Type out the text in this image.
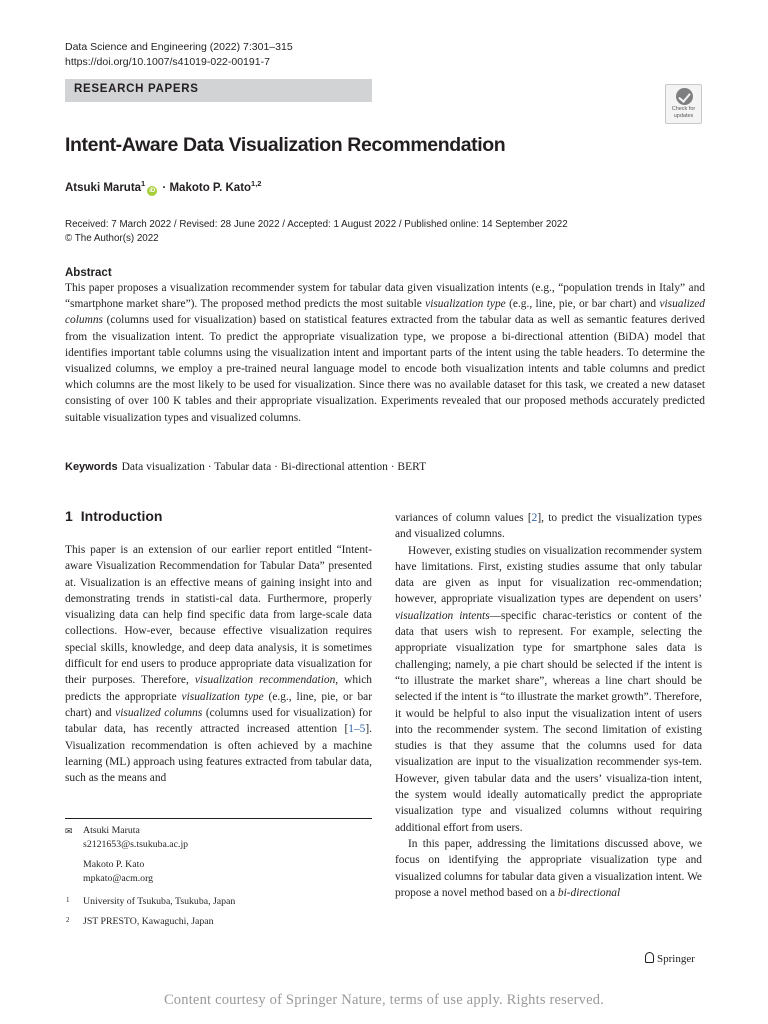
Data Science and Engineering (2022) 7:301–315
https://doi.org/10.1007/s41019-022-00191-7
RESEARCH PAPERS
Check for
updates
Intent-Aware Data Visualization Recommendation
Atsuki Maruta$^1$iD · Makoto P. Kato$^{1,2}$
Received: 7 March 2022 / Revised: 28 June 2022 / Accepted: 1 August 2022 / Published online: 14 September 2022
© The Author(s) 2022
Abstract
This paper proposes a visualization recommender system for tabular data given visualization intents (e.g., “population trends in Italy” and “smartphone market share”). The proposed method predicts the most suitable visualization type (e.g., line, pie, or bar chart) and visualized columns (columns used for visualization) based on statistical features extracted from the tabular data as well as semantic features derived from the visualization intent. To predict the appropriate visualization type, we propose a bi-directional attention (BiDA) model that identifies important table columns using the visualization intent and important parts of the intent using the table headers. To determine the visualized columns, we employ a pre-trained neural language model to encode both visualization intents and table columns and predict which columns are the most likely to be used for visualization. Since there was no available dataset for this task, we created a new dataset consisting of over 100 K tables and their appropriate visualization. Experiments revealed that our proposed methods accurately predicted suitable visualization types and visualized columns.
Keywords Data visualization · Tabular data · Bi-directional attention · BERT
1 Introduction

This paper is an extension of our earlier report entitled “Intent-aware Visualization Recommendation for Tabular Data” presented at. Visualization is an effective means of gaining insight into and demonstrating trends in statisti-cal data. Furthermore, properly visualizing data can help find specific data from large-scale data collections. How-ever, because effective visualization requires special skills, knowledge, and deep data analysis, it is sometimes difficult for end users to produce appropriate data visualization for their purposes. Therefore, visualization recommendation, which predicts the appropriate visualization type (e.g., line, pie, or bar chart) and visualized columns (columns used for visualization) for tabular data, has recently attracted increased attention [1–5]. Visualization recommendation is often achieved by a machine learning (ML) approach using features extracted from tabular data, such as the means and

variances of column values [2], to predict the visualization types and visualized columns.

However, existing studies on visualization recommender system have limitations. First, existing studies assume that only tabular data are given as input for visualization rec-ommendation; however, appropriate visualization types are dependent on users’ visualization intents—specific charac-teristics or content of the data that users wish to represent. For example, selecting the appropriate visualization type for smartphone sales data is challenging; namely, a pie chart should be selected if the intent is “to illustrate the market share”, whereas a line chart should be selected if the intent is “to illustrate the market growth”. Therefore, it would be helpful to also input the visualization intent of users into the recommender system. The second limitation of existing studies is that they assume that the columns used for data visualization are input to the visualization recommender sys-tem. However, given tabular data and the users’ visualiza-tion intent, the system would ideally automatically predict the appropriate visualization type and visualized columns without requiring additional effort from users.

In this paper, addressing the limitations discussed above, we focus on identifying the appropriate visualization type and visualized columns for tabular data given a visualization intent. We propose a novel method based on a bi-directional

✉ Atsuki Maruta
s2121653@s.tsukuba.ac.jp
Makoto P. Kato
mpkato@acm.org
1 University of Tsukuba, Tsukuba, Japan
2 JST PRESTO, Kawaguchi, Japan
Springer
Content courtesy of Springer Nature, terms of use apply. Rights reserved.
